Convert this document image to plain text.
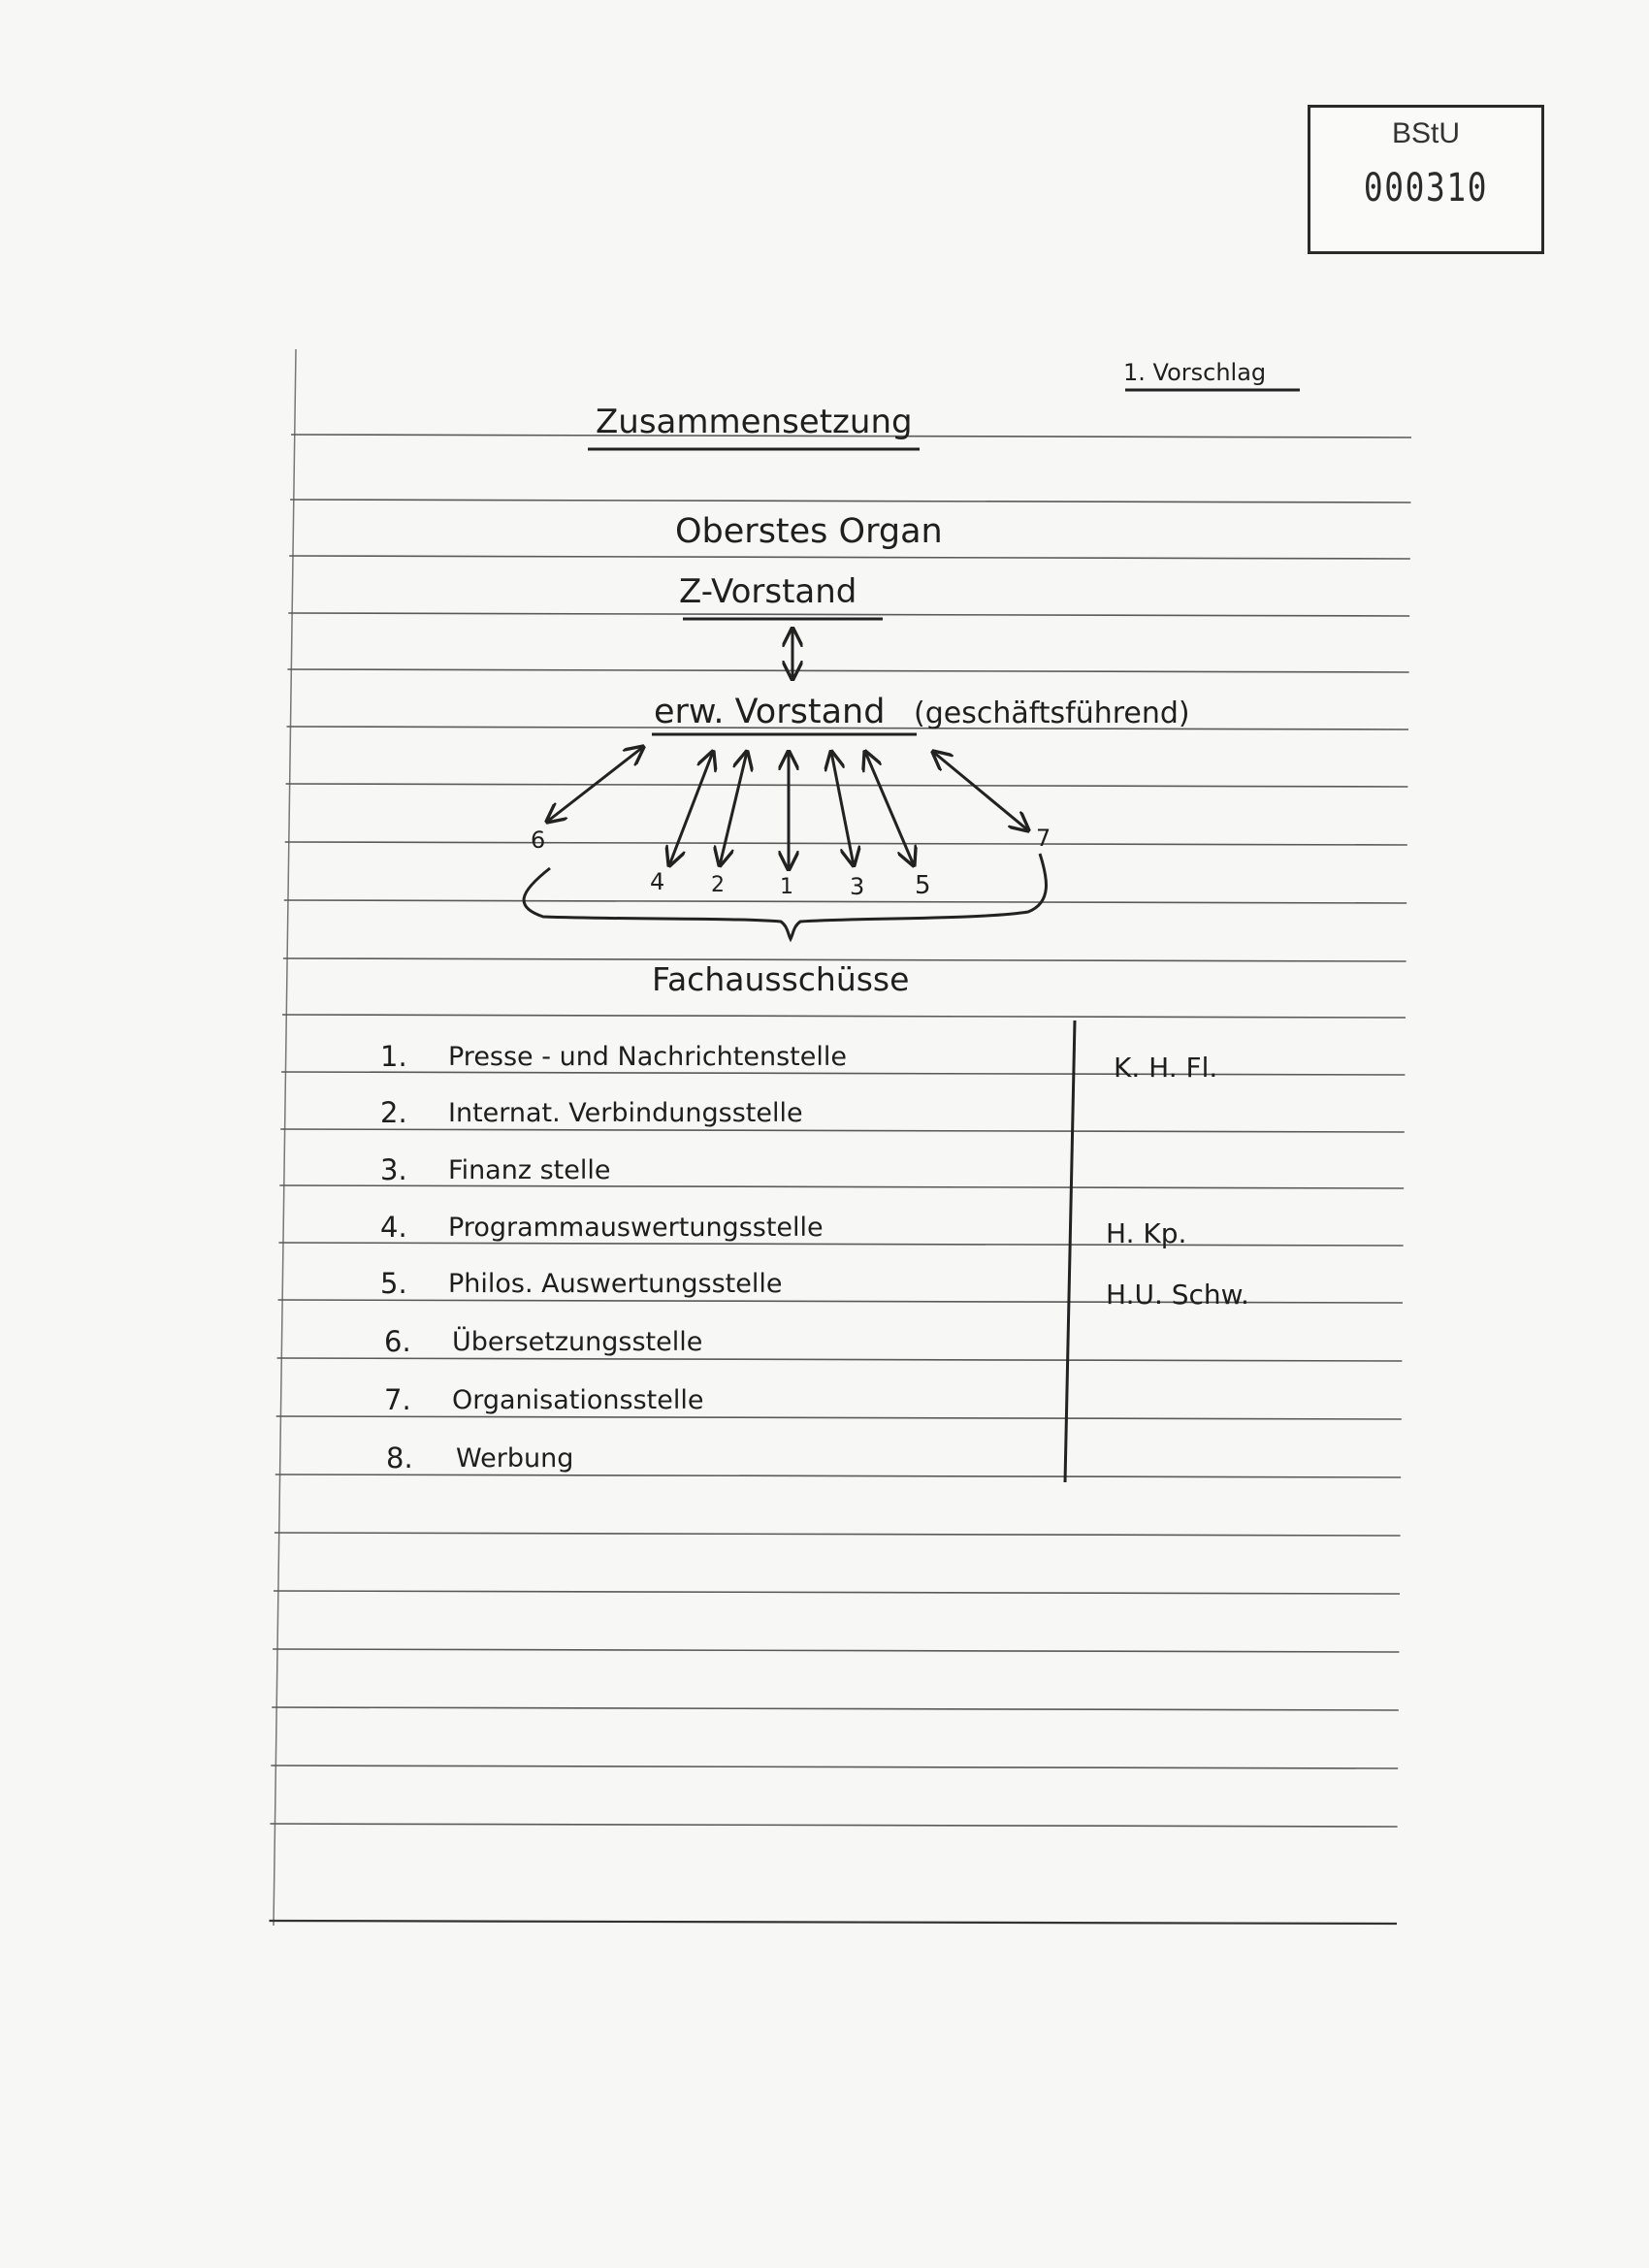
BStU
000310
1. Vorschlag
Zusammensetzung
Oberstes Organ
Z-Vorstand
erw. Vorstand (geschäftsführend)
6
4 2	1 3 5
7
Fachausschüsse
1. Presse - und Nachrichtenstelle	K. H. Fl.
2. Internat. Verbindungsstelle
3. Finanz stelle
4. Programmauswertungsstelle	H. Kp.
5. Philos. Auswertungsstelle	H.U. Schw.
6. Übersetzungsstelle
7. Organisationsstelle
8. Werbung
